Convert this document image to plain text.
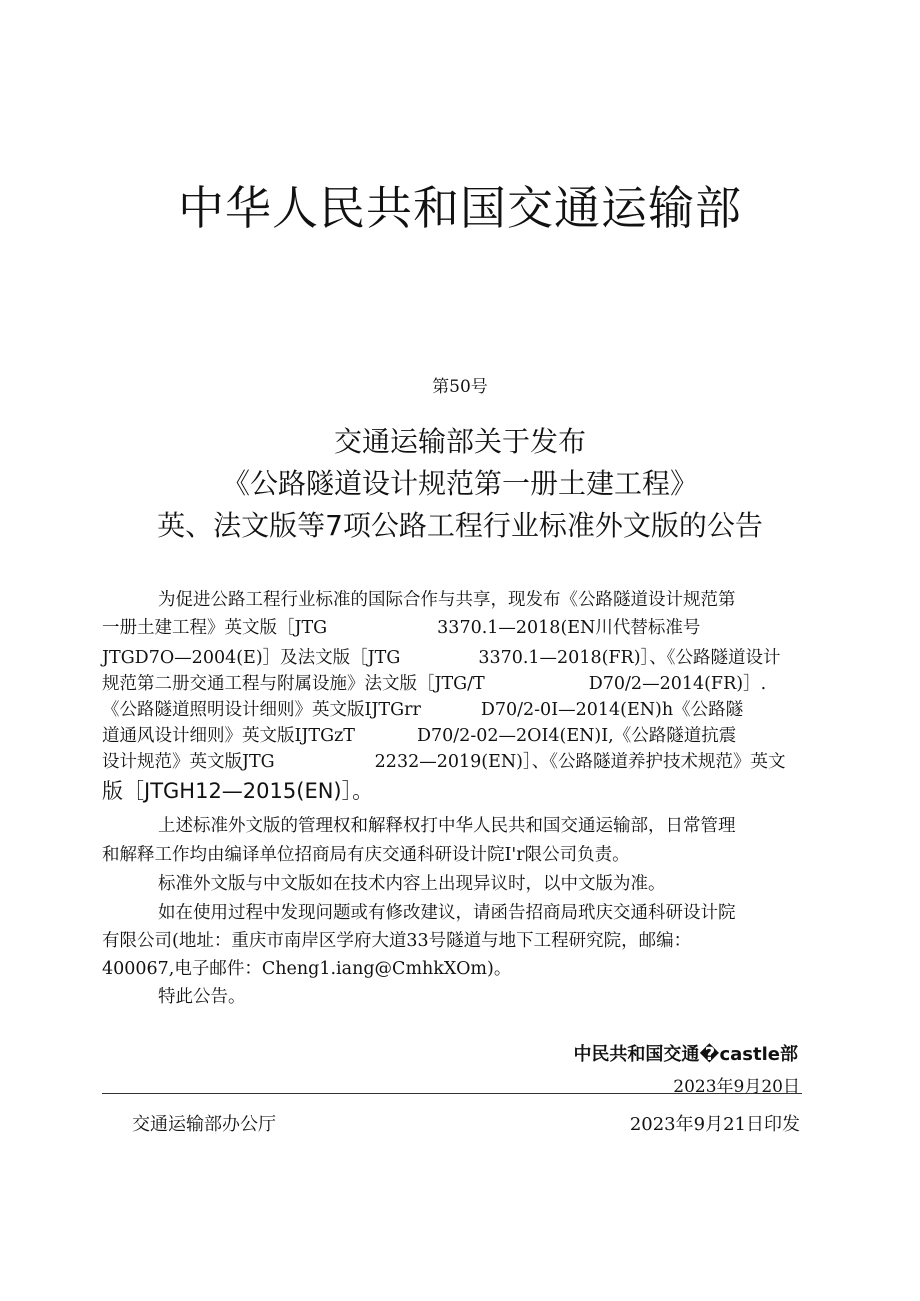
中华人民共和国交通运输部
第50号
交通运输部关于发布
《公路隧道设计规范第一册土建工程》
英、法文版等7项公路工程行业标准外文版的公告
为促进公路工程行业标准的国际合作与共享，现发布《公路隧道设计规范第
一册土建工程》英文版［JTG	3370.1—2018(EN川代替标准号
JTGD7O—2004(E)］及法文版［JTG	3370.1—2018(FR)］、《公路隧道设计
规范第二册交通工程与附属设施》法文版［JTG/T	D70/2—2014(FR)］.
《公路隧道照明设计细则》英文版IJTGrr	D70/2-0I—2014(EN)h《公路隧
道通风设计细则》英文版IJTGzT	D70/2-02—2OI4(EN)I,《公路隧道抗震
设计规范》英文版JTG	2232—2019(EN)］、《公路隧道养护技术规范》英文
版［JTGH12—2015(EN)］。
上述标准外文版的管理权和解释权打中华人民共和国交通运输部，日常管理
和解释工作均由编译单位招商局有庆交通科研设计院I'r限公司负责。
标准外文版与中文版如在技术内容上出现异议时，以中文版为准。
如在使用过程中发现问题或有修改建议，请函告招商局玳庆交通科研设计院
有限公司(地址：重庆市南岸区学府大道33号隧道与地下工程研究院，邮编：
400067,电子邮件：Cheng1.iang@CmhkXOm)。
特此公告。
中民共和国交通�castle部
2023年9月20日
交通运输部办公厅	2023年9月21日印发
